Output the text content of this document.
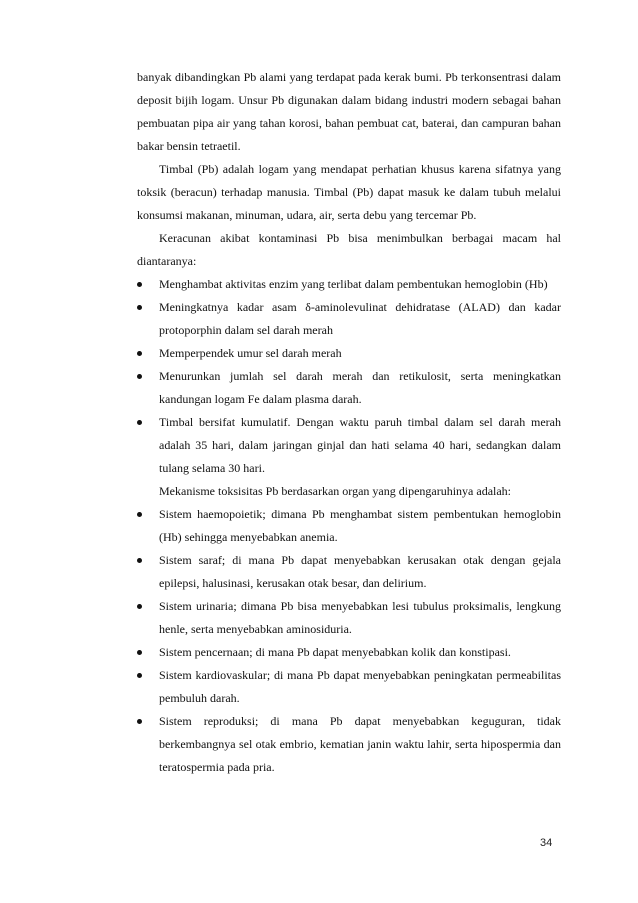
banyak dibandingkan Pb alami yang terdapat pada kerak bumi. Pb terkonsentrasi dalam deposit bijih logam. Unsur Pb digunakan dalam bidang industri modern sebagai bahan pembuatan pipa air yang tahan korosi, bahan pembuat cat, baterai, dan campuran bahan bakar bensin tetraetil.

Timbal (Pb) adalah logam yang mendapat perhatian khusus karena sifatnya yang toksik (beracun) terhadap manusia. Timbal (Pb) dapat masuk ke dalam tubuh melalui konsumsi makanan, minuman, udara, air, serta debu yang tercemar Pb.

Keracunan akibat kontaminasi Pb bisa menimbulkan berbagai macam hal diantaranya:

Menghambat aktivitas enzim yang terlibat dalam pembentukan hemoglobin (Hb)
Meningkatnya kadar asam δ-aminolevulinat dehidratase (ALAD) dan kadar protoporphin dalam sel darah merah
Memperpendek umur sel darah merah
Menurunkan jumlah sel darah merah dan retikulosit, serta meningkatkan kandungan logam Fe dalam plasma darah.
Timbal bersifat kumulatif. Dengan waktu paruh timbal dalam sel darah merah adalah 35 hari, dalam jaringan ginjal dan hati selama 40 hari, sedangkan dalam tulang selama 30 hari.

Mekanisme toksisitas Pb berdasarkan organ yang dipengaruhinya adalah:

Sistem haemopoietik; dimana Pb menghambat sistem pembentukan hemoglobin (Hb) sehingga menyebabkan anemia.
Sistem saraf; di mana Pb dapat menyebabkan kerusakan otak dengan gejala epilepsi, halusinasi, kerusakan otak besar, dan delirium.
Sistem urinaria; dimana Pb bisa menyebabkan lesi tubulus proksimalis, lengkung henle, serta menyebabkan aminosiduria.
Sistem pencernaan; di mana Pb dapat menyebabkan kolik dan konstipasi.
Sistem kardiovaskular; di mana Pb dapat menyebabkan peningkatan permeabilitas pembuluh darah.
Sistem reproduksi; di mana Pb dapat menyebabkan keguguran, tidak berkembangnya sel otak embrio, kematian janin waktu lahir, serta hipospermia dan teratospermia pada pria.
34
